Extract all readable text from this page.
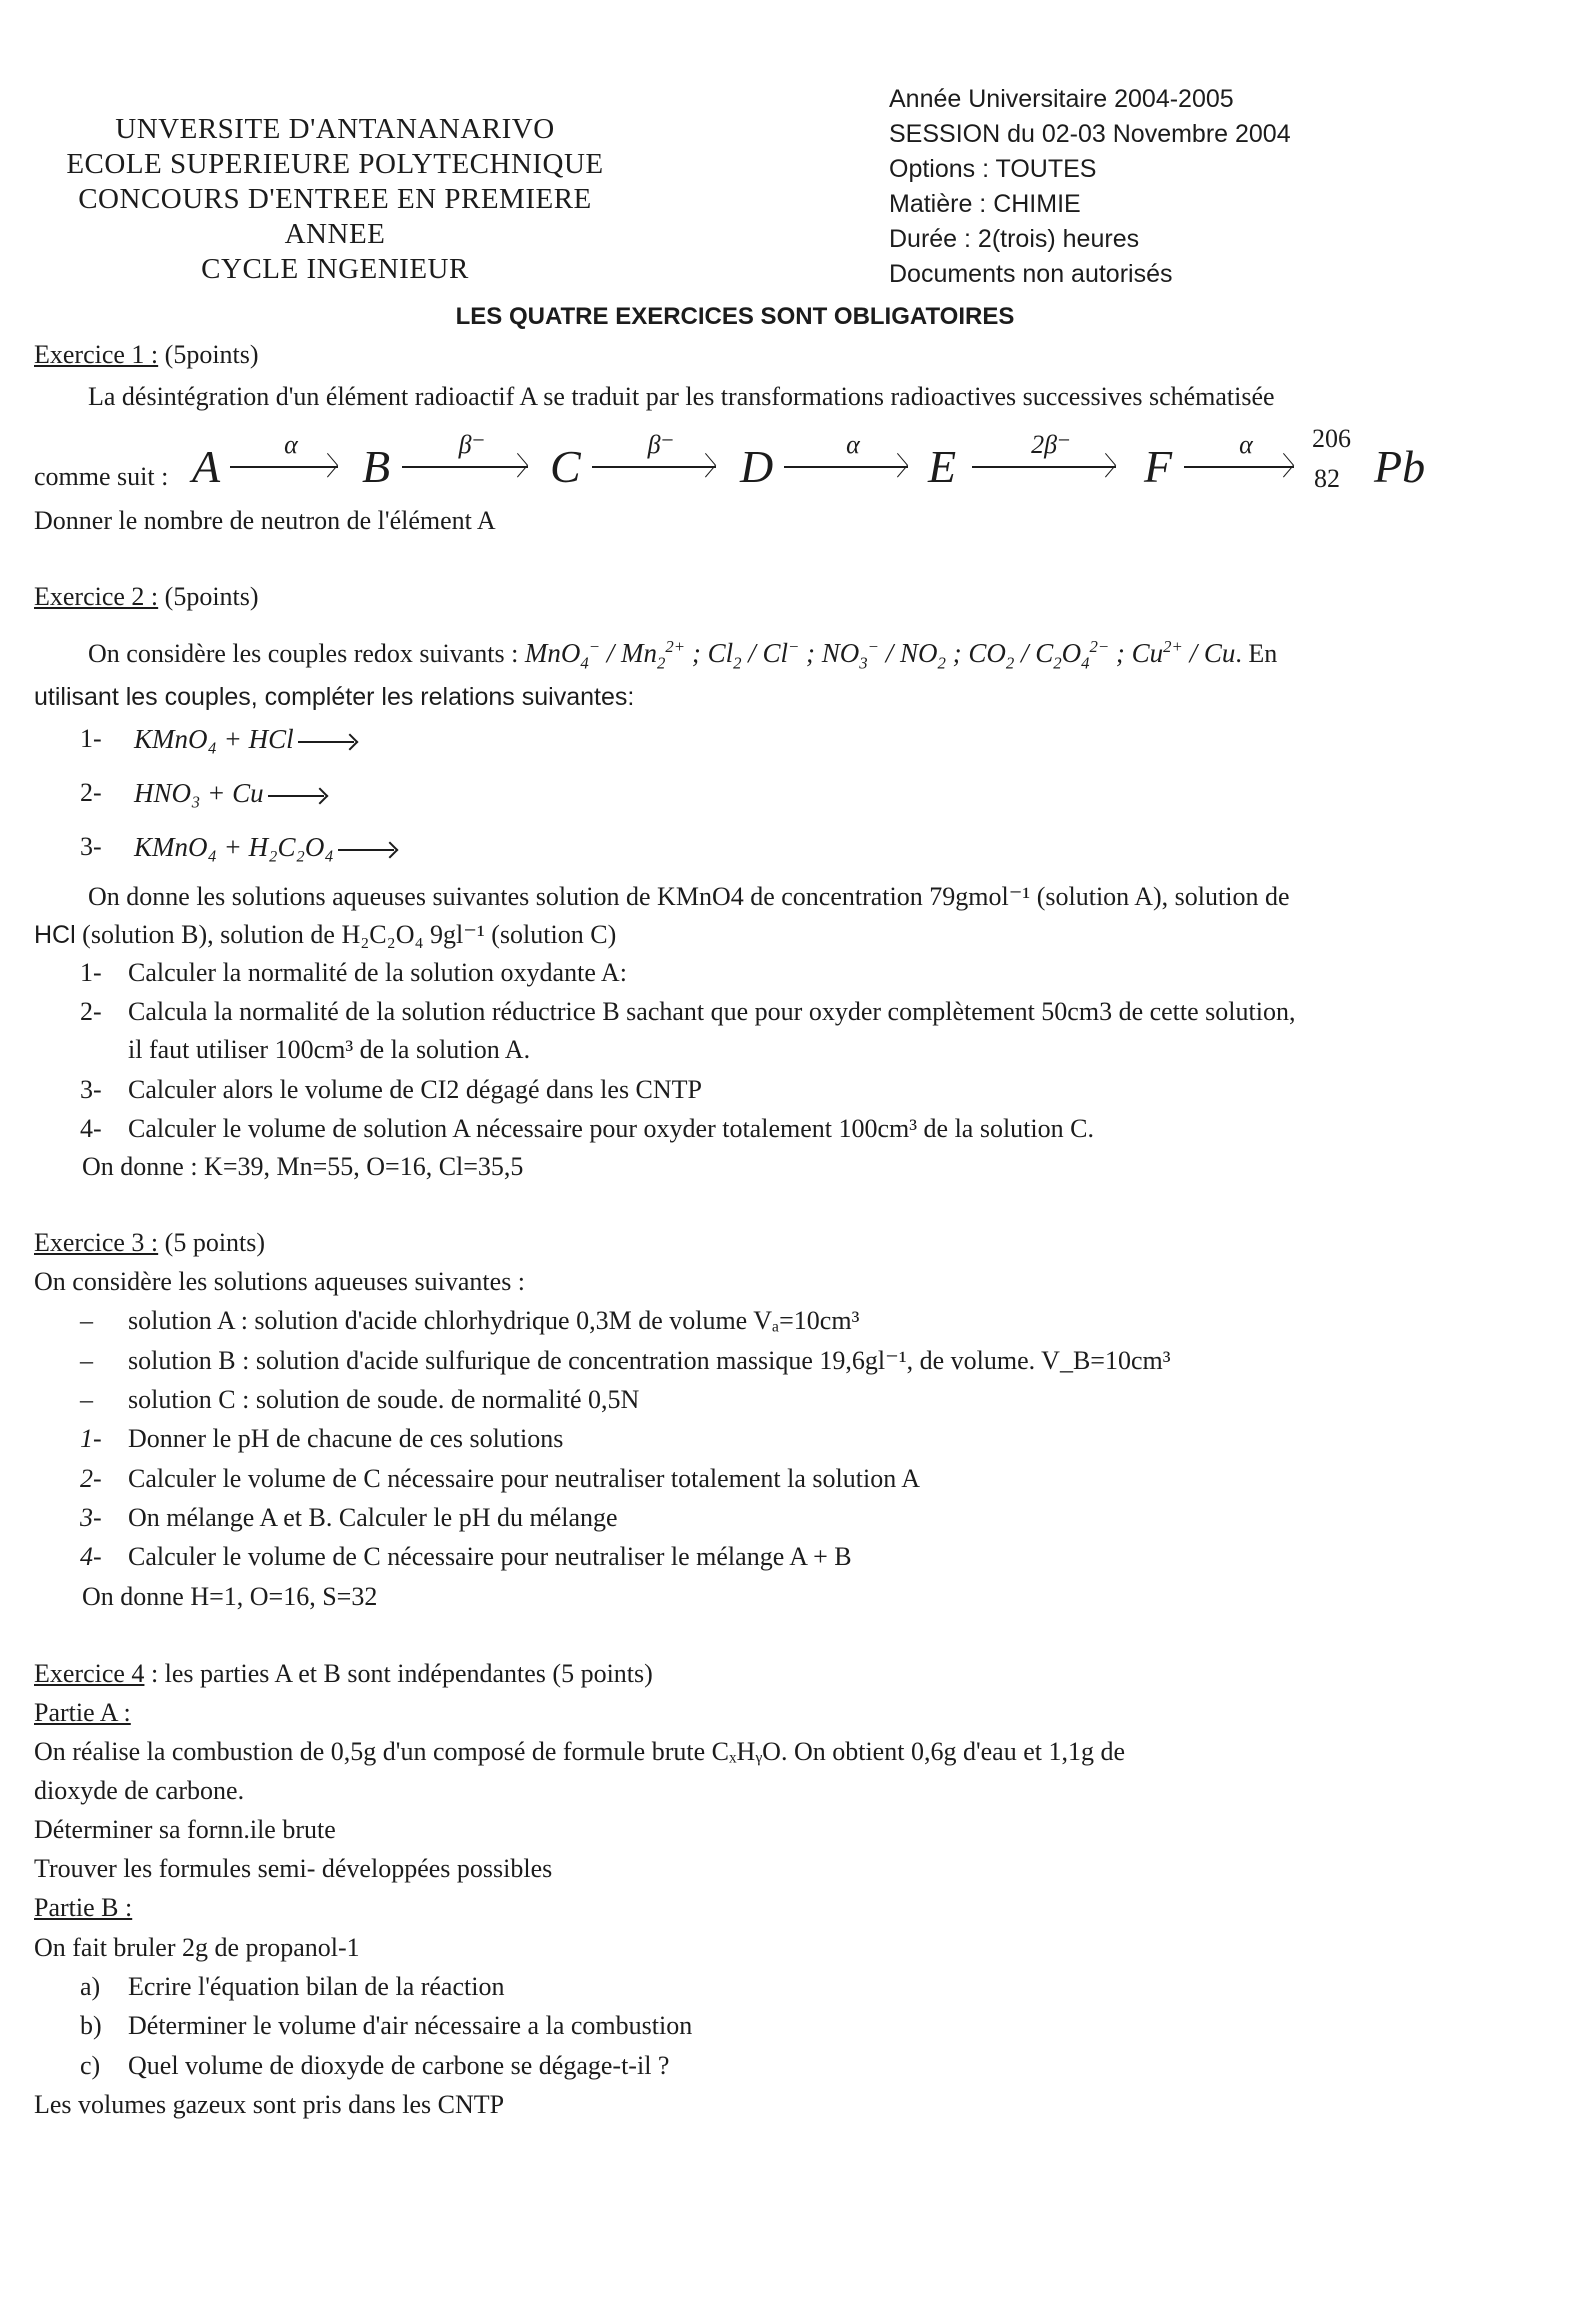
UNVERSITE D'ANTANANARIVO
ECOLE SUPERIEURE POLYTECHNIQUE
CONCOURS D'ENTREE EN PREMIERE ANNEE
CYCLE INGENIEUR
Année Universitaire 2004-2005
SESSION du 02-03 Novembre 2004
Options : TOUTES
Matière : CHIMIE
Durée : 2(trois) heures
Documents non autorisés
LES QUATRE EXERCICES SONT OBLIGATOIRES
Exercice 1 : (5points)
La désintégration d'un élément radioactif A se traduit par les transformations radioactives successives schématisée
comme suit : A	α
〉 B	β⁻
〉 C	β⁻
〉 D	α
〉 E	2β⁻
〉 F	α
〉
206
82 Pb
Donner le nombre de neutron de l'élément A
Exercice 2 : (5points)
On considère les couples redox suivants : $MnO_4^- / Mn_2^{2+}$ ; $Cl_2 / Cl^-$ ; $NO_3^- / NO_2$ ; $CO_2 / C_2O_4^{2-}$ ; $Cu^{2+}$ / Cu. En
utilisant les couples, compléter les relations suivantes:
1- KMnO₄ + HCl
2- HNO₃ + Cu
3- KMnO₄ + H₂C₂O₄
On donne les solutions aqueuses suivantes solution de KMnO4 de concentration 79gmol⁻¹ (solution A), solution de
HCl (solution B), solution de H₂C₂O₄ 9gl⁻¹ (solution C)
1- Calculer la normalité de la solution oxydante A:
2- Calcula la normalité de la solution réductrice B sachant que pour oxyder complètement 50cm3 de cette solution,
il faut utiliser 100cm³ de la solution A.
3- Calculer alors le volume de CI2 dégagé dans les CNTP
4- Calculer le volume de solution A nécessaire pour oxyder totalement 100cm³ de la solution C.
On donne : K=39, Mn=55, O=16, Cl=35,5
Exercice 3 : (5 points)
On considère les solutions aqueuses suivantes :
– solution A : solution d'acide chlorhydrique 0,3M de volume Vₐ=10cm³
– solution B : solution d'acide sulfurique de concentration massique 19,6gl⁻¹, de volume. V_B=10cm³
– solution C : solution de soude. de normalité 0,5N
1- Donner le pH de chacune de ces solutions
2- Calculer le volume de C nécessaire pour neutraliser totalement la solution A
3- On mélange A et B. Calculer le pH du mélange
4- Calculer le volume de C nécessaire pour neutraliser le mélange A + B
On donne H=1, O=16, S=32
Exercice 4 : les parties A et B sont indépendantes (5 points)
Partie A :
On réalise la combustion de 0,5g d'un composé de formule brute CₓHᵧO. On obtient 0,6g d'eau et 1,1g de
dioxyde de carbone.
Déterminer sa fornn.ile brute
Trouver les formules semi- développées possibles
Partie B :
On fait bruler 2g de propanol-1
a) Ecrire l'équation bilan de la réaction
b) Déterminer le volume d'air nécessaire a la combustion
c) Quel volume de dioxyde de carbone se dégage-t-il ?
Les volumes gazeux sont pris dans les CNTP
